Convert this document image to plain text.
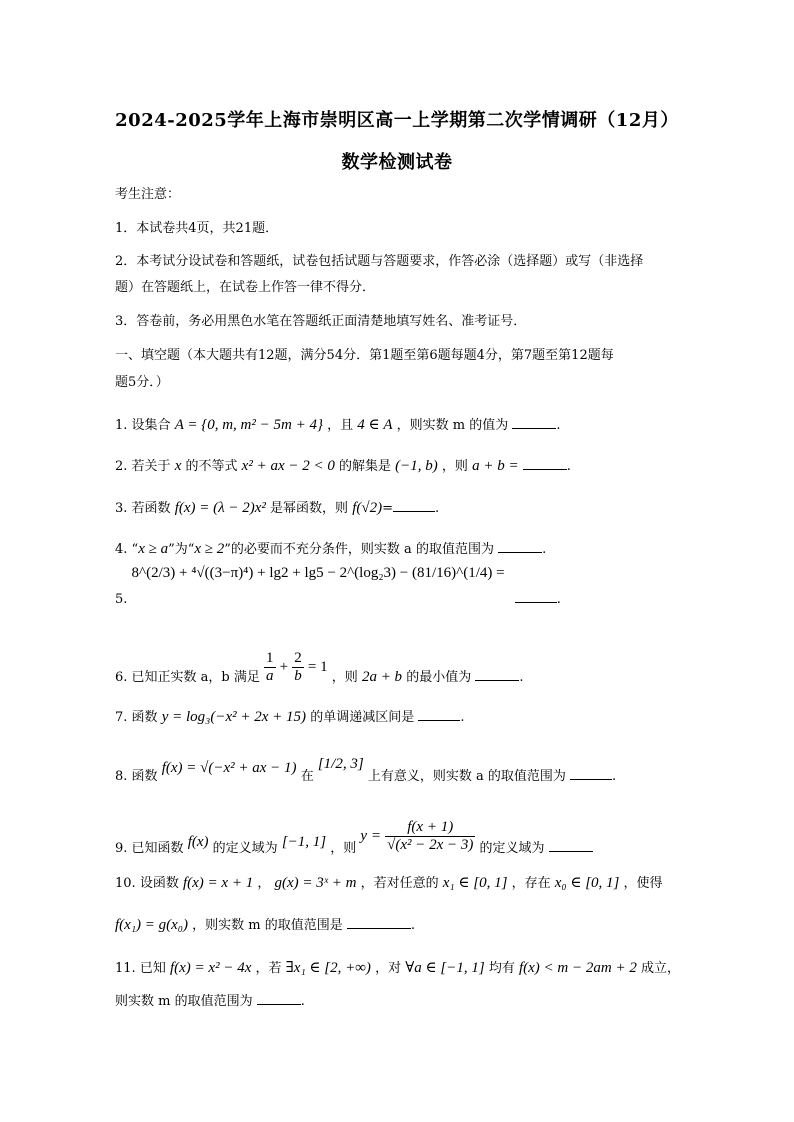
2024-2025学年上海市崇明区高一上学期第二次学情调研（12月）
数学检测试卷
考生注意：
1．本试卷共4页，共21题．
2．本考试分设试卷和答题纸，试卷包括试题与答题要求，作答必涂（选择题）或写（非选择
题）在答题纸上，在试卷上作答一律不得分．
3．答卷前，务必用黑色水笔在答题纸正面清楚地填写姓名、准考证号．
一、填空题（本大题共有12题，满分54分．第1题至第6题每题4分，第7题至第12题每
题5分．）
1. 设集合 A = {0, m, m² − 5m + 4} ，且 4 ∈ A ，则实数 m 的值为	.
2. 若关于 x 的不等式 x² + ax − 2 < 0 的解集是 (−1, b) ，则 a + b =	.
3. 若函数 f(x) = (λ − 2)x² 是幂函数，则 f(√2)=	.
4. “x ≥ a”为“x ≥ 2”的必要而不充分条件，则实数 a 的取值范围为	.
5. 8^(2/3) + ⁴√((3−π)⁴) + lg2 + lg5 − 2^(log₂3) − (81/16)^(1/4) = .
6. 已知正实数 a，b 满足 $\frac{1}{a} + \frac{2}{b} = 1$ ，则 2a + b 的最小值为	.
7. 函数 y = log₃(−x² + 2x + 15) 的单调递减区间是	.
8. 函数 f(x) = √(−x² + ax − 1) 在 [1/2, 3] 上有意义，则实数 a 的取值范围为	.
9. 已知函数 f(x) 的定义域为 [−1, 1] ，则 $y = \frac{f(x + 1)}{\text{√(x² − 2x − 3)}}$ 的定义域为
10. 设函数 f(x) = x + 1 ， g(x) = 3ˣ + m ，若对任意的 x₁ ∈ [0, 1] ，存在 x₀ ∈ [0, 1] ，使得
f(x₁) = g(x₀) ，则实数 m 的取值范围是	.
11. 已知 f(x) = x² − 4x ，若 ∃x₁ ∈ [2, +∞) ，对 ∀a ∈ [−1, 1] 均有 f(x) < m − 2am + 2 成立，
则实数 m 的取值范围为	.
